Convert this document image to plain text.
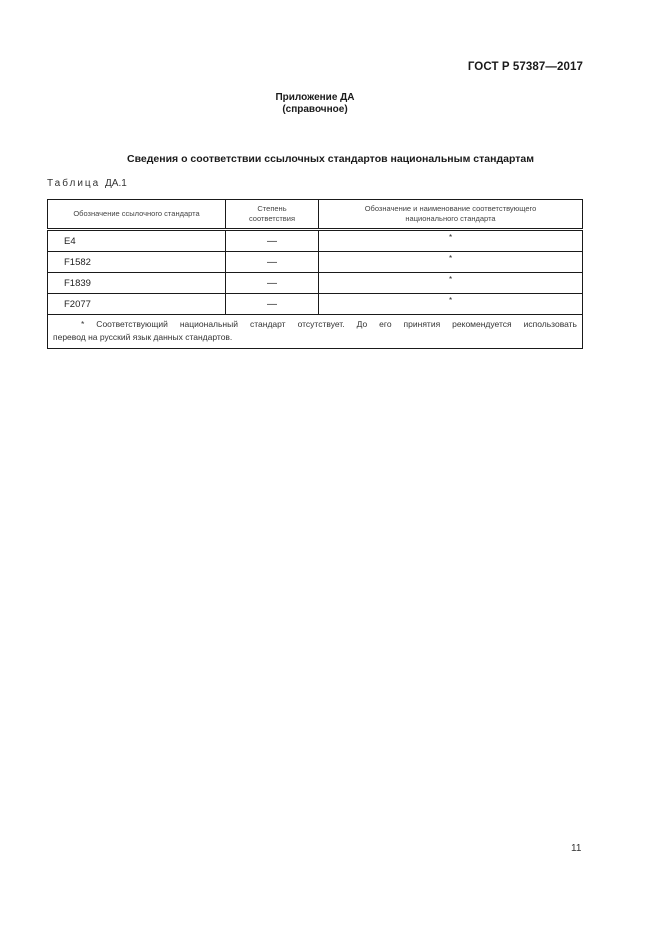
ГОСТ Р 57387—2017
Приложение ДА
(справочное)
Сведения о соответствии ссылочных стандартов национальным стандартам
Таблица ДА.1
Обозначение ссылочного стандарта	Степень соответствия	Обозначение и наименование соответствующего национального стандарта

E4	—	*
F1582	—	*
F1839	—	*
F2077	—	*

* Соответствующий национальный стандарт отсутствует. До его принятия рекомендуется использовать
перевод на русский язык данных стандартов.		
11
